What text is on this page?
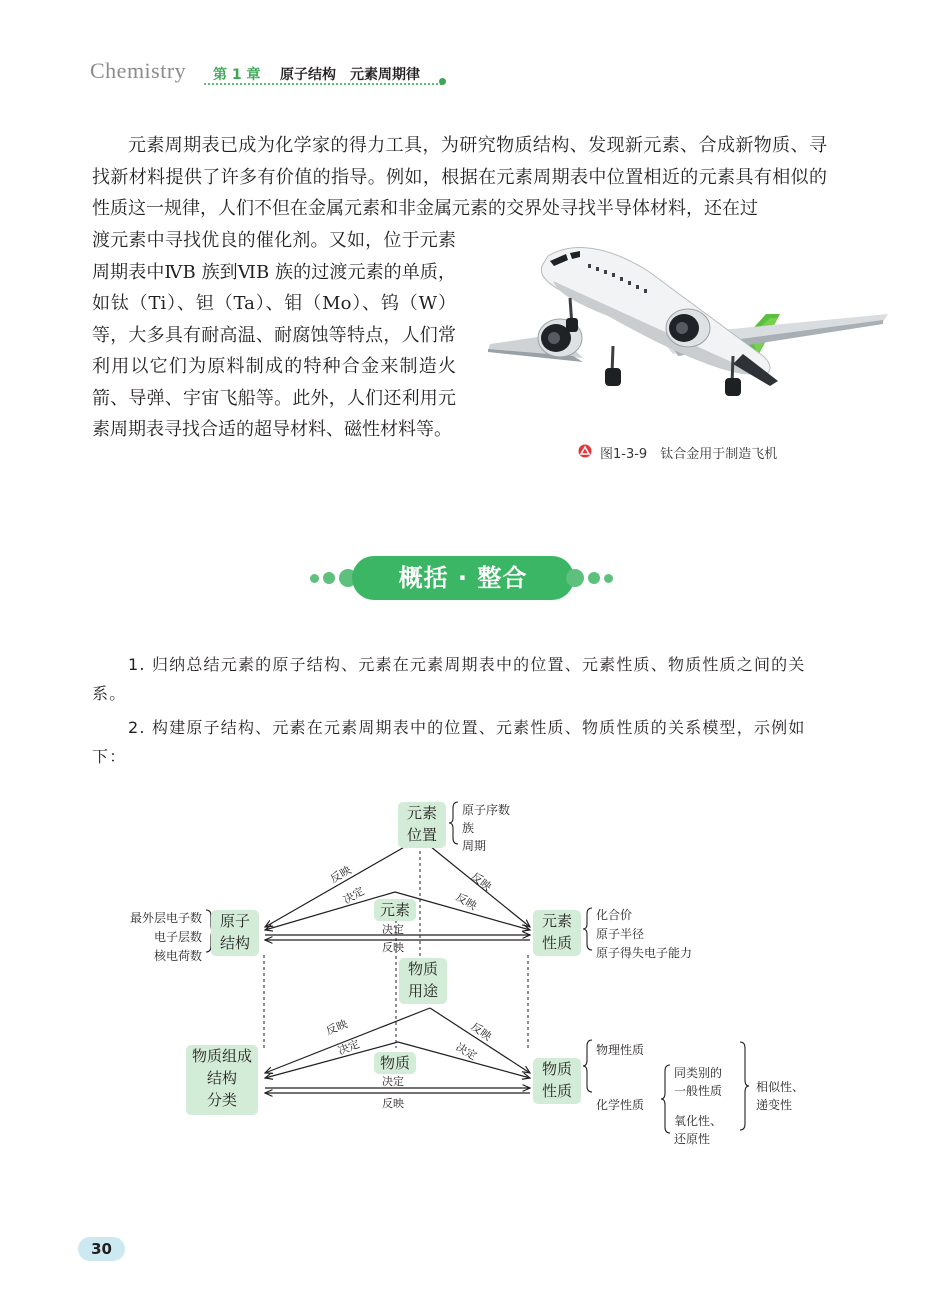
Chemistry 第 1 章 原子结构　元素周期律
元素周期表已成为化学家的得力工具，为研究物质结构、发现新元素、合成新物质、寻找新材料提供了许多有价值的指导。例如，根据在元素周期表中位置相近的元素具有相似的性质这一规律，人们不但在金属元素和非金属元素的交界处寻找半导体材料，还在过
渡元素中寻找优良的催化剂。又如，位于元素周期表中ⅣB 族到ⅥB 族的过渡元素的单质，如钛（Ti）、钽（Ta）、钼（Mo）、钨（W）等，大多具有耐高温、耐腐蚀等特点，人们常利用以它们为原料制成的特种合金来制造火箭、导弹、宇宙飞船等。此外，人们还利用元素周期表寻找合适的超导材料、磁性材料等。
图1-3-9　钛合金用于制造飞机
概括 · 整合
1. 归纳总结元素的原子结构、元素在元素周期表中的位置、元素性质、物质性质之间的关系。
2. 构建原子结构、元素在元素周期表中的位置、元素性质、物质性质的关系模型，示例如下：
元素
位置
原子
结构
元素
性质
元素
物质
用途
物质组成
结构
分类
物质	物质
性质
原子序数
族
周期
最外层电子数
电子层数
核电荷数
化合价
原子半径
原子得失电子能力
物理性质
化学性质
同类别的
一般性质
氧化性、
还原性
相似性、
递变性
反映
决定
反映
反映
决定
反映
反映
决定
反映
决定
决定
反映
30
